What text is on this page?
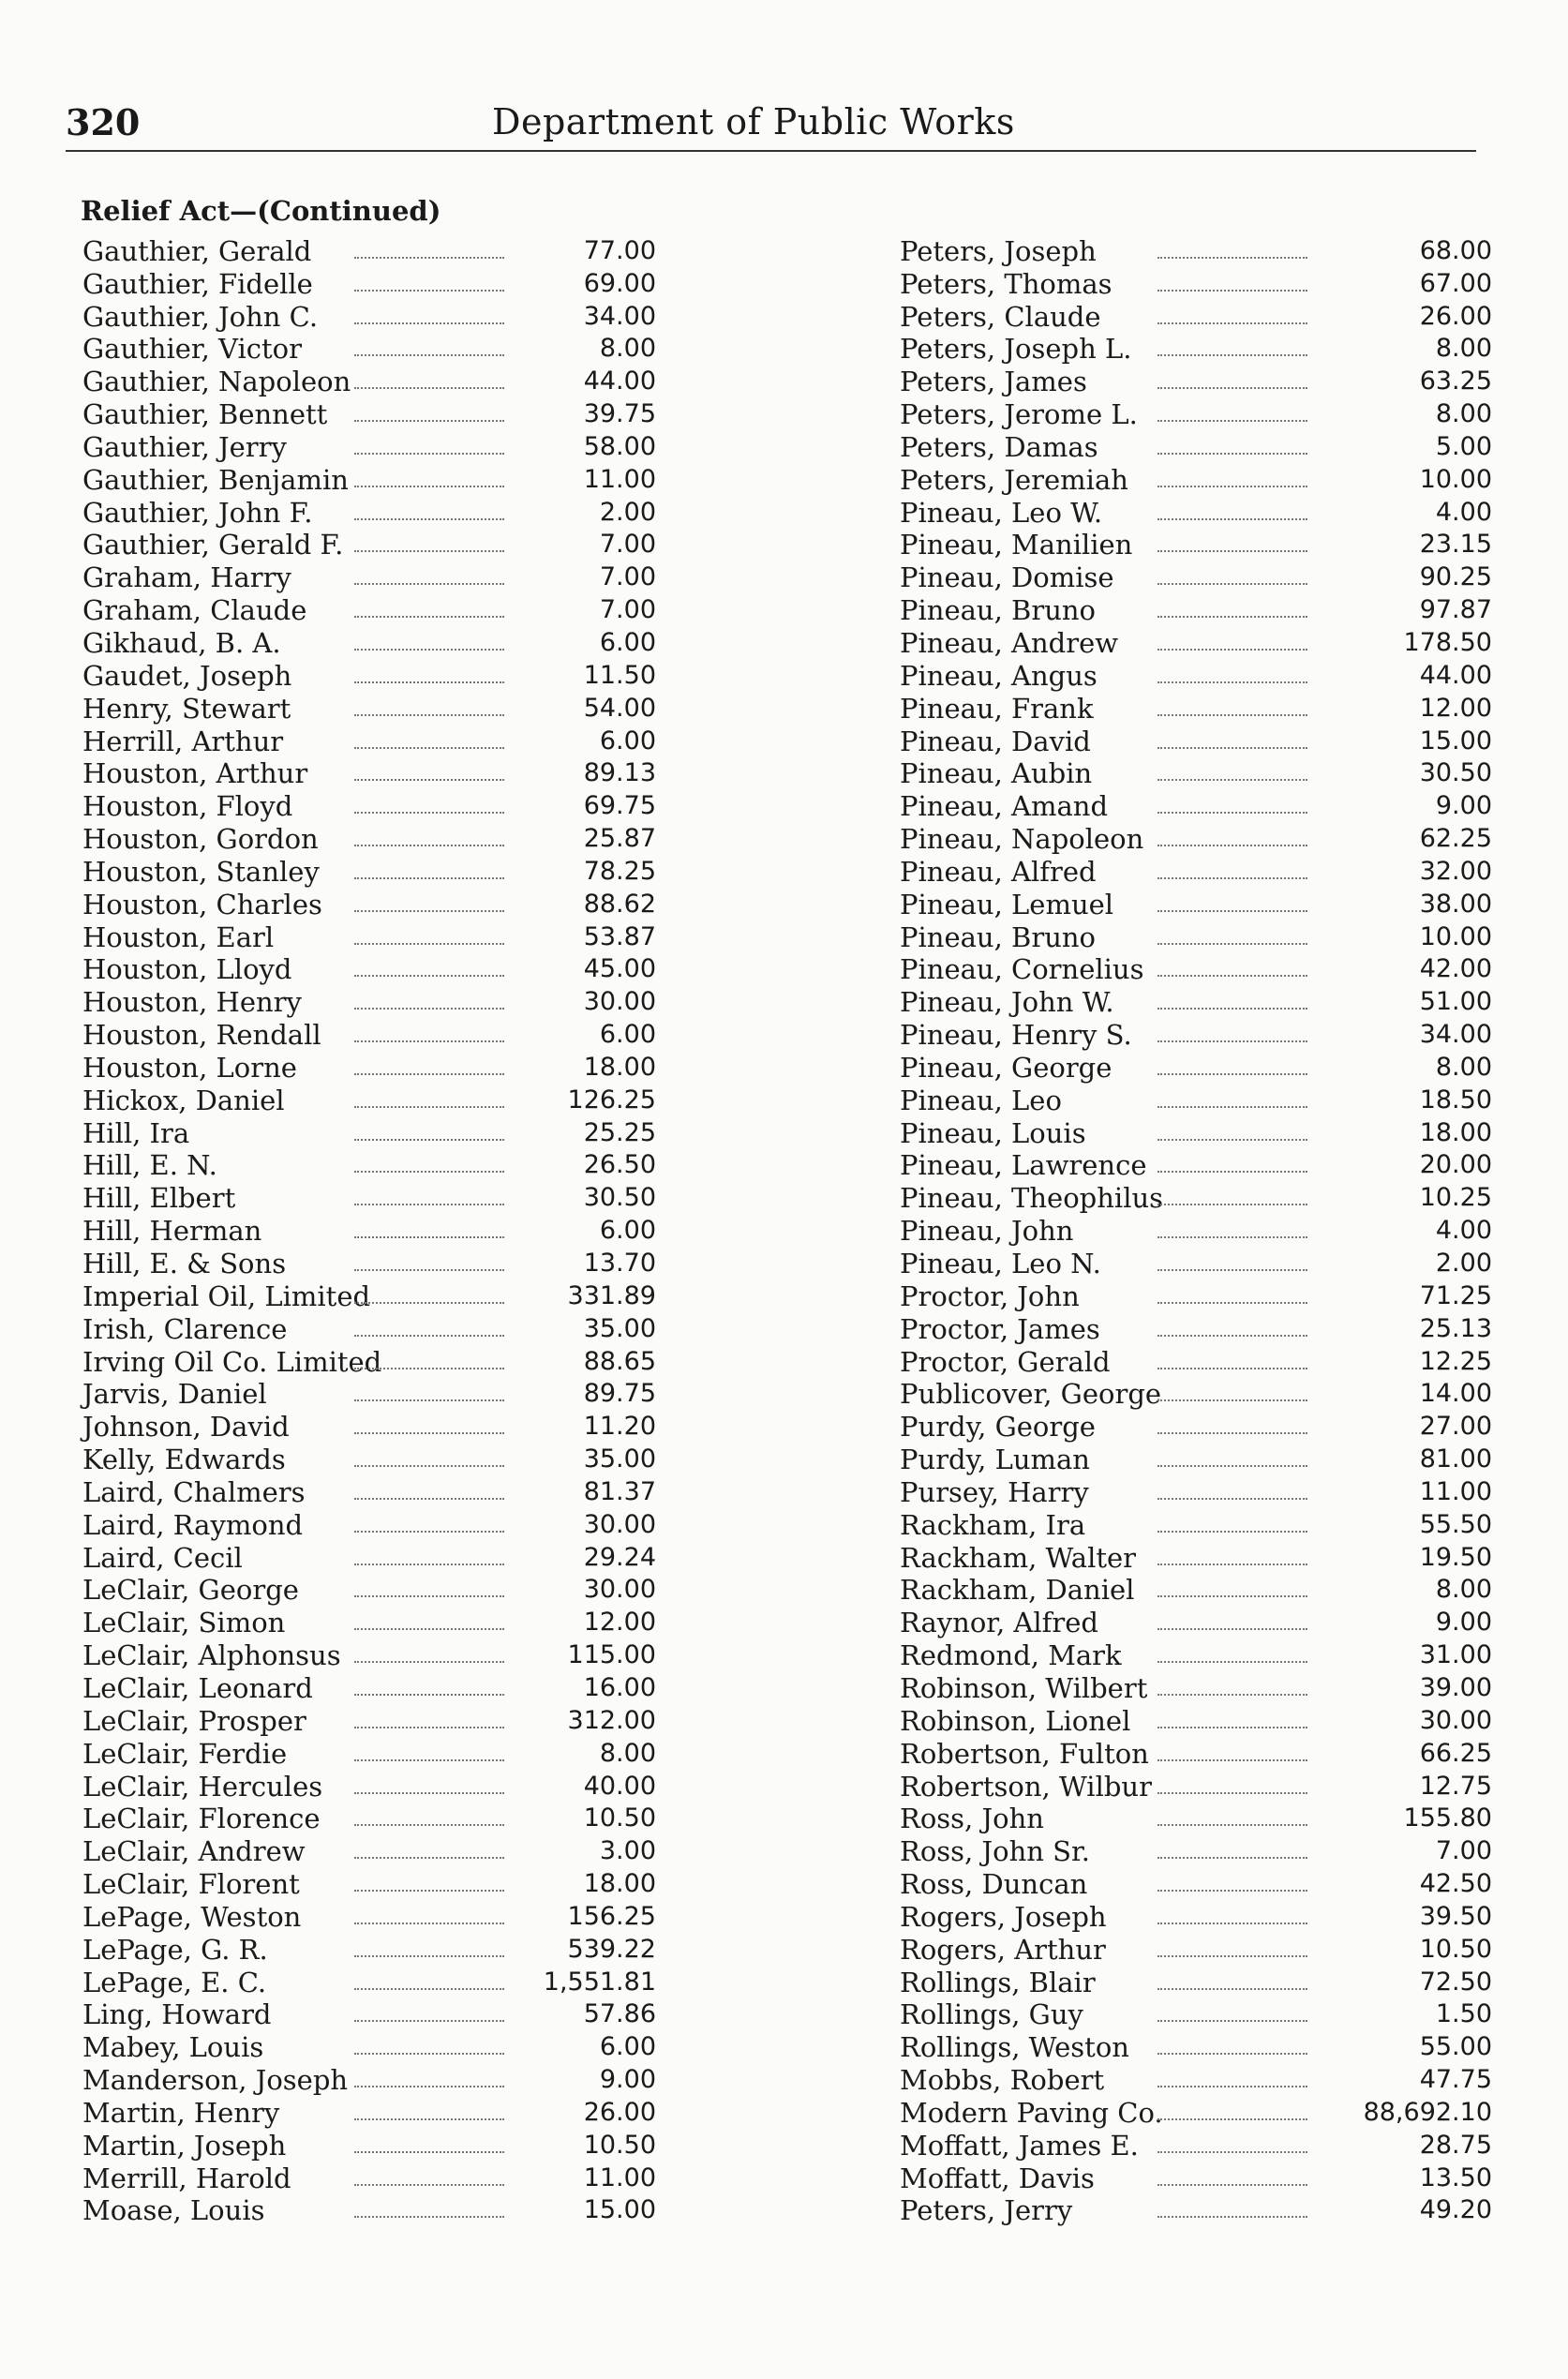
320	Department of Public Works
Relief Act—(Continued)
Gauthier, Gerald	77.00
Gauthier, Fidelle	69.00
Gauthier, John C.	34.00
Gauthier, Victor	8.00
Gauthier, Napoleon	44.00
Gauthier, Bennett	39.75
Gauthier, Jerry	58.00
Gauthier, Benjamin	11.00
Gauthier, John F.	2.00
Gauthier, Gerald F.	7.00
Graham, Harry	7.00
Graham, Claude	7.00
Gikhaud, B. A.	6.00
Gaudet, Joseph	11.50
Henry, Stewart	54.00
Herrill, Arthur	6.00
Houston, Arthur	89.13
Houston, Floyd	69.75
Houston, Gordon	25.87
Houston, Stanley	78.25
Houston, Charles	88.62
Houston, Earl	53.87
Houston, Lloyd	45.00
Houston, Henry	30.00
Houston, Rendall	6.00
Houston, Lorne	18.00
Hickox, Daniel	126.25
Hill, Ira	25.25
Hill, E. N.	26.50
Hill, Elbert	30.50
Hill, Herman	6.00
Hill, E. & Sons	13.70
Imperial Oil, Limited	331.89
Irish, Clarence	35.00
Irving Oil Co. Limited	88.65
Jarvis, Daniel	89.75
Johnson, David	11.20
Kelly, Edwards	35.00
Laird, Chalmers	81.37
Laird, Raymond	30.00
Laird, Cecil	29.24
LeClair, George	30.00
LeClair, Simon	12.00
LeClair, Alphonsus	115.00
LeClair, Leonard	16.00
LeClair, Prosper	312.00
LeClair, Ferdie	8.00
LeClair, Hercules	40.00
LeClair, Florence	10.50
LeClair, Andrew	3.00
LeClair, Florent	18.00
LePage, Weston	156.25
LePage, G. R.	539.22
LePage, E. C.	1,551.81
Ling, Howard	57.86
Mabey, Louis	6.00
Manderson, Joseph	9.00
Martin, Henry	26.00
Martin, Joseph	10.50
Merrill, Harold	11.00
Moase, Louis	15.00
Peters, Joseph	68.00
Peters, Thomas	67.00
Peters, Claude	26.00
Peters, Joseph L.	8.00
Peters, James	63.25
Peters, Jerome L.	8.00
Peters, Damas	5.00
Peters, Jeremiah	10.00
Pineau, Leo W.	4.00
Pineau, Manilien	23.15
Pineau, Domise	90.25
Pineau, Bruno	97.87
Pineau, Andrew	178.50
Pineau, Angus	44.00
Pineau, Frank	12.00
Pineau, David	15.00
Pineau, Aubin	30.50
Pineau, Amand	9.00
Pineau, Napoleon	62.25
Pineau, Alfred	32.00
Pineau, Lemuel	38.00
Pineau, Bruno	10.00
Pineau, Cornelius	42.00
Pineau, John W.	51.00
Pineau, Henry S.	34.00
Pineau, George	8.00
Pineau, Leo	18.50
Pineau, Louis	18.00
Pineau, Lawrence	20.00
Pineau, Theophilus	10.25
Pineau, John	4.00
Pineau, Leo N.	2.00
Proctor, John	71.25
Proctor, James	25.13
Proctor, Gerald	12.25
Publicover, George	14.00
Purdy, George	27.00
Purdy, Luman	81.00
Pursey, Harry	11.00
Rackham, Ira	55.50
Rackham, Walter	19.50
Rackham, Daniel	8.00
Raynor, Alfred	9.00
Redmond, Mark	31.00
Robinson, Wilbert	39.00
Robinson, Lionel	30.00
Robertson, Fulton	66.25
Robertson, Wilbur	12.75
Ross, John	155.80
Ross, John Sr.	7.00
Ross, Duncan	42.50
Rogers, Joseph	39.50
Rogers, Arthur	10.50
Rollings, Blair	72.50
Rollings, Guy	1.50
Rollings, Weston	55.00
Mobbs, Robert	47.75
Modern Paving Co.	88,692.10
Moffatt, James E.	28.75
Moffatt, Davis	13.50
Peters, Jerry	49.20
